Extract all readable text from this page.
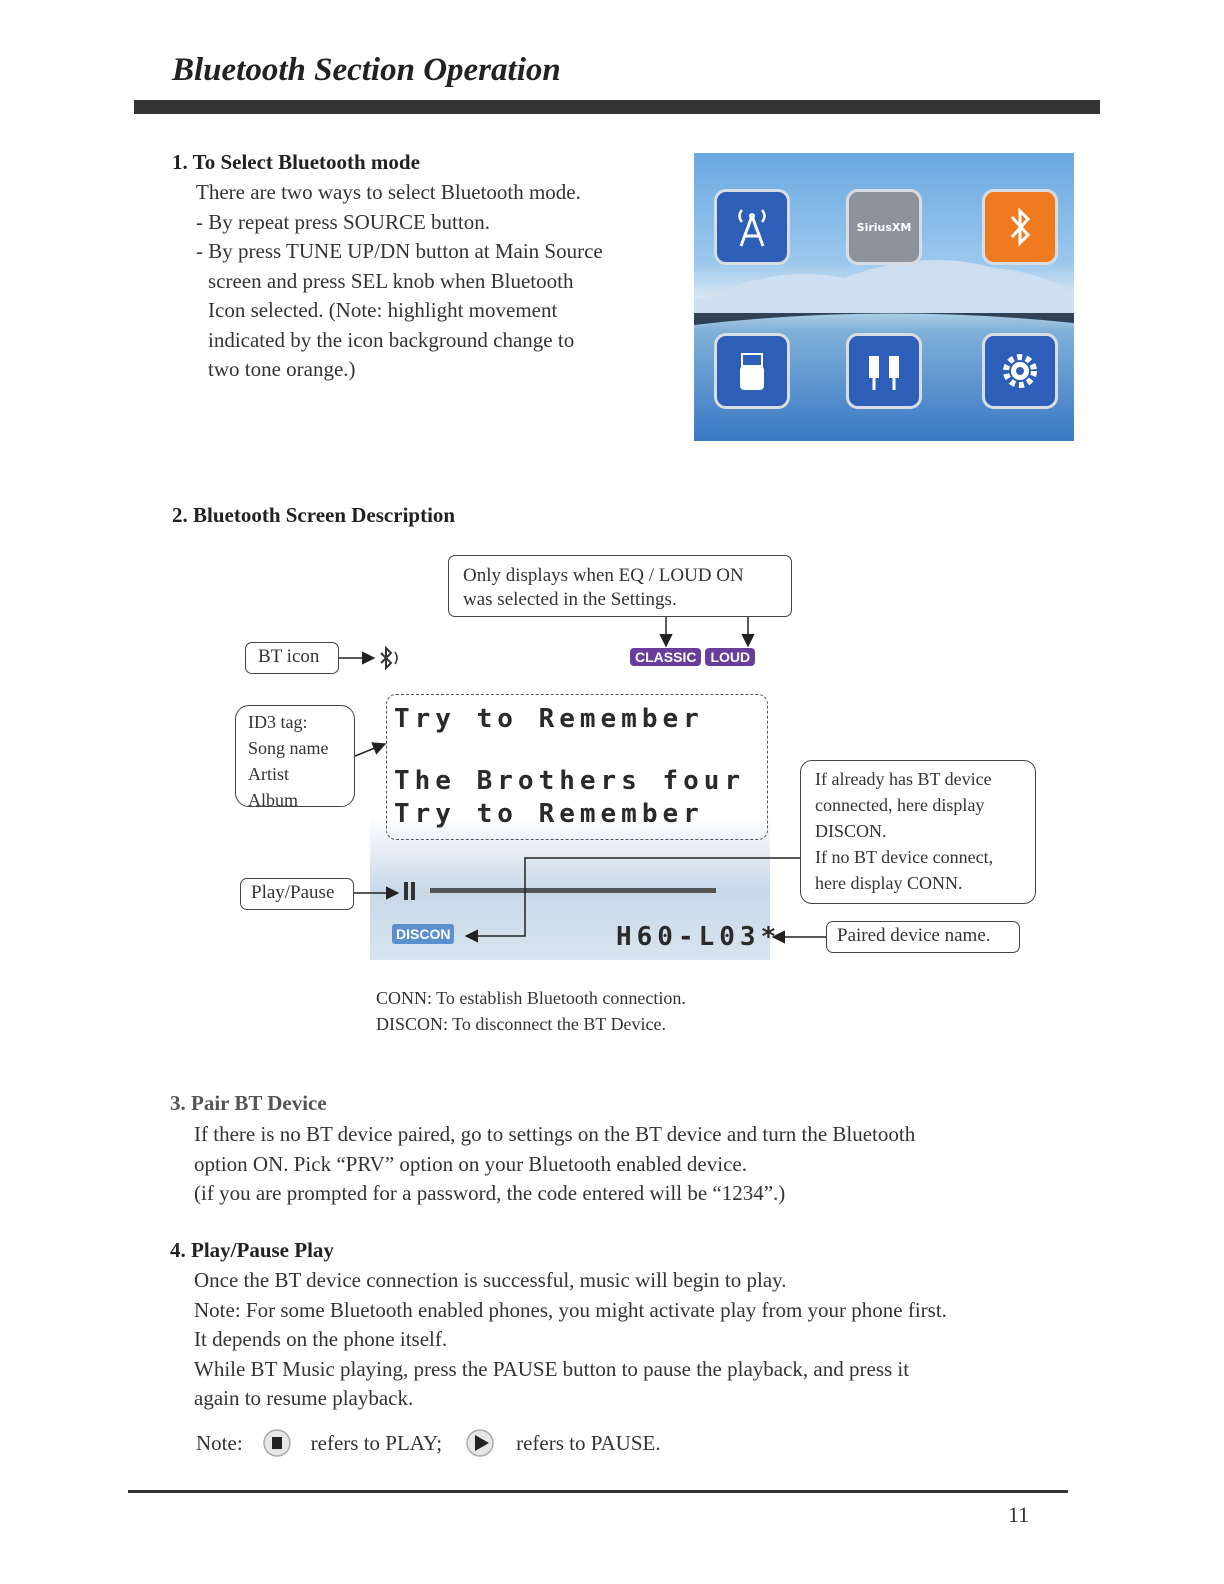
Bluetooth Section Operation
1. To Select Bluetooth mode
There are two ways to select Bluetooth mode.
- By repeat press SOURCE button.
- By press TUNE UP/DN button at Main Source
screen and press SEL knob when Bluetooth
Icon selected. (Note: highlight movement
indicated by the icon background change to
two tone orange.)
SiriusXM
2. Bluetooth Screen Description
Only displays when EQ / LOUD ON
was selected in the Settings.
BT icon	CLASSIC LOUD
Try to Remember
The Brothers four
Try to Remember
ID3 tag:
Song name
Artist
Album
Play/Pause
If already has BT device
connected, here display
DISCON.
If no BT device connect,
here display CONN.
DISCON	H60-L03*	Paired device name.
CONN: To establish Bluetooth connection.
DISCON: To disconnect the BT Device.
3. Pair BT Device
If there is no BT device paired, go to settings on the BT device and turn the Bluetooth
option ON. Pick “PRV” option on your Bluetooth enabled device.
(if you are prompted for a password, the code entered will be “1234”.)
4. Play/Pause Play
Once the BT device connection is successful, music will begin to play.
Note: For some Bluetooth enabled phones, you might activate play from your phone first.
It depends on the phone itself.
While BT Music playing, press the PAUSE button to pause the playback, and press it
again to resume playback.
Note:	refers to PLAY;	refers to PAUSE.
11
